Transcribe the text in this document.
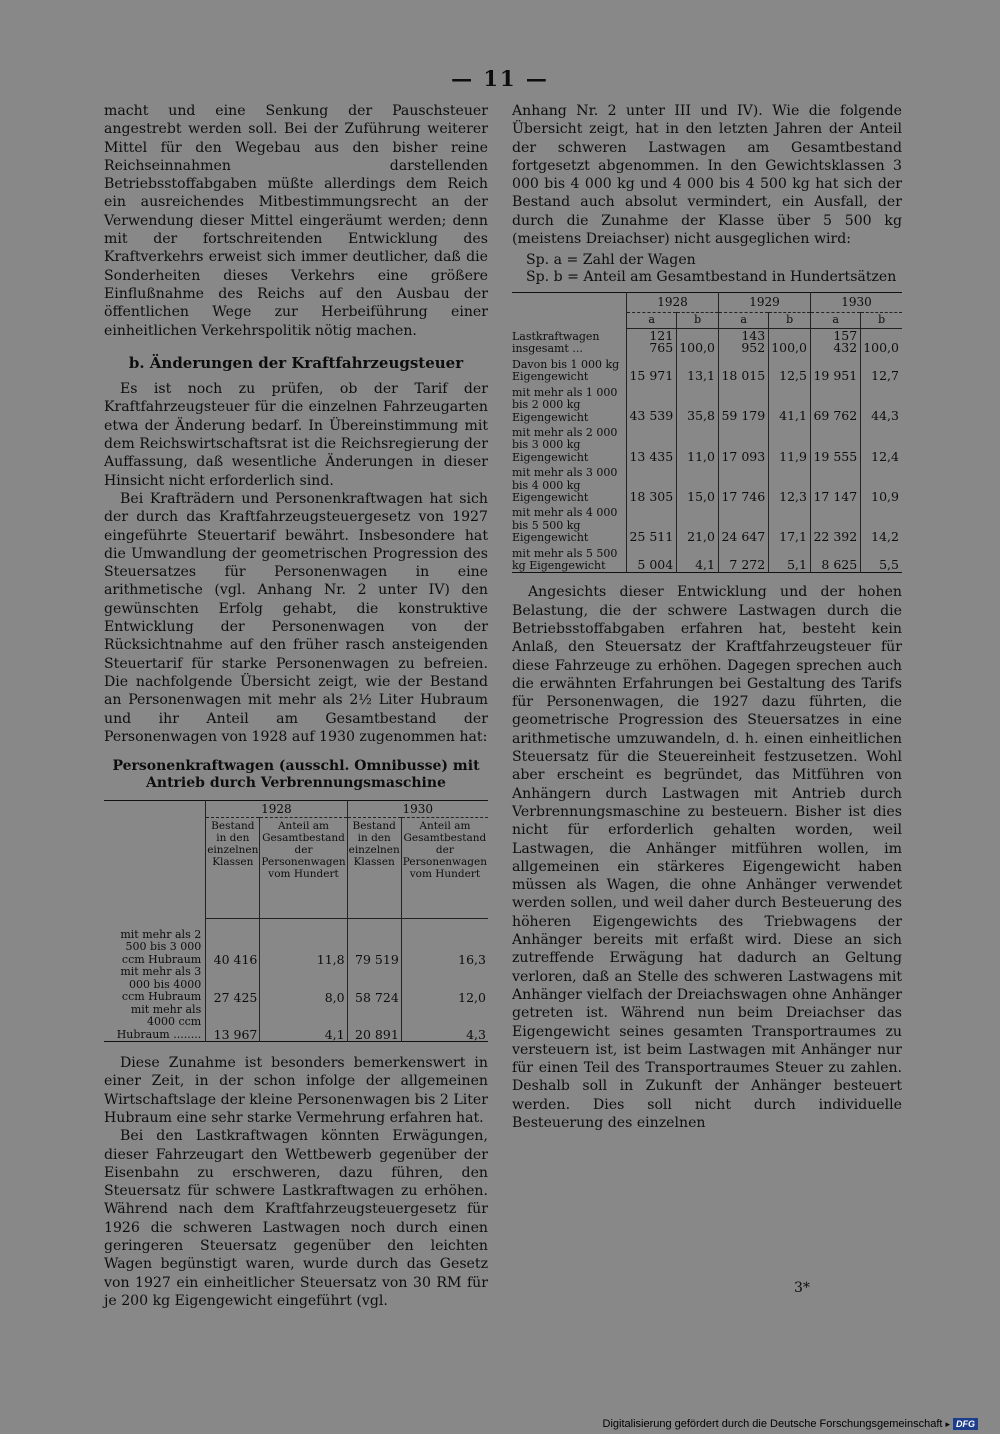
— 11 —

macht und eine Senkung der Pauschsteuer angestrebt werden soll. Bei der Zuführung weiterer Mittel für den Wegebau aus den bisher reine Reichseinnahmen darstellenden Betriebsstoffabgaben müßte allerdings dem Reich ein ausreichendes Mitbestimmungsrecht an der Verwendung dieser Mittel eingeräumt werden; denn mit der fortschreitenden Entwicklung des Kraftverkehrs erweist sich immer deutlicher, daß die Sonderheiten dieses Verkehrs eine größere Einflußnahme des Reichs auf den Ausbau der öffentlichen Wege zur Herbeiführung einer einheitlichen Verkehrspolitik nötig machen.

b. Änderungen der Kraftfahrzeugsteuer

Es ist noch zu prüfen, ob der Tarif der Kraftfahrzeugsteuer für die einzelnen Fahrzeugarten etwa der Änderung bedarf. In Übereinstimmung mit dem Reichswirtschaftsrat ist die Reichsregierung der Auffassung, daß wesentliche Änderungen in dieser Hinsicht nicht erforderlich sind.

Bei Krafträdern und Personenkraftwagen hat sich der durch das Kraftfahrzeugsteuergesetz von 1927 eingeführte Steuertarif bewährt. Insbesondere hat die Umwandlung der geometrischen Progression des Steuersatzes für Personenwagen in eine arithmetische (vgl. Anhang Nr. 2 unter IV) den gewünschten Erfolg gehabt, die konstruktive Entwicklung der Personenwagen von der Rücksichtnahme auf den früher rasch ansteigenden Steuertarif für starke Personenwagen zu befreien. Die nachfolgende Übersicht zeigt, wie der Bestand an Personenwagen mit mehr als 2½ Liter Hubraum und ihr Anteil am Gesamtbestand der Personenwagen von 1928 auf 1930 zugenommen hat:

Personenkraftwagen (ausschl. Omnibusse) mit Antrieb durch Verbrennungsmaschine
	1928		1930	
	Bestand in den einzelnen Klassen	Anteil am Gesamtbestand der Personenwagen vom Hundert	Bestand in den einzelnen Klassen	Anteil am Gesamtbestand der Personenwagen vom Hundert
mit mehr als 2 500 bis 3 000 ccm Hubraum	40 416	11,8	79 519	16,3
mit mehr als 3 000 bis 4000 ccm Hubraum	27 425	8,0	58 724	12,0
mit mehr als 4000 ccm Hubraum ........	13 967	4,1	20 891	4,3

Diese Zunahme ist besonders bemerkenswert in einer Zeit, in der schon infolge der allgemeinen Wirtschaftslage der kleine Personenwagen bis 2 Liter Hubraum eine sehr starke Vermehrung erfahren hat.

Bei den Lastkraftwagen könnten Erwägungen, dieser Fahrzeugart den Wettbewerb gegenüber der Eisenbahn zu erschweren, dazu führen, den Steuersatz für schwere Lastkraftwagen zu erhöhen. Während nach dem Kraftfahrzeugsteuergesetz für 1926 die schweren Lastwagen noch durch einen geringeren Steuersatz gegenüber den leichten Wagen begünstigt waren, wurde durch das Gesetz von 1927 ein einheitlicher Steuersatz von 30 RM für je 200 kg Eigengewicht eingeführt (vgl.

Anhang Nr. 2 unter III und IV). Wie die folgende Übersicht zeigt, hat in den letzten Jahren der Anteil der schweren Lastwagen am Gesamtbestand fortgesetzt abgenommen. In den Gewichtsklassen 3 000 bis 4 000 kg und 4 000 bis 4 500 kg hat sich der Bestand auch absolut vermindert, ein Ausfall, der durch die Zunahme der Klasse über 5 500 kg (meistens Dreiachser) nicht ausgeglichen wird:

Sp. a = Zahl der Wagen
Sp. b = Anteil am Gesamtbestand in Hundertsätzen
	1928		1929		1930	
	a	b	a	b	a	b
Lastkraftwagen insgesamt ...	121 765	100,0	143 952	100,0	157 432	100,0
Davon bis 1 000 kg Eigengewicht	15 971	13,1	18 015	12,5	19 951	12,7
mit mehr als 1 000 bis 2 000 kg Eigengewicht	43 539	35,8	59 179	41,1	69 762	44,3
mit mehr als 2 000 bis 3 000 kg Eigengewicht	13 435	11,0	17 093	11,9	19 555	12,4
mit mehr als 3 000 bis 4 000 kg Eigengewicht	18 305	15,0	17 746	12,3	17 147	10,9
mit mehr als 4 000 bis 5 500 kg Eigengewicht	25 511	21,0	24 647	17,1	22 392	14,2
mit mehr als 5 500 kg Eigengewicht	5 004	4,1	7 272	5,1	8 625	5,5

Angesichts dieser Entwicklung und der hohen Belastung, die der schwere Lastwagen durch die Betriebsstoffabgaben erfahren hat, besteht kein Anlaß, den Steuersatz der Kraftfahrzeugsteuer für diese Fahrzeuge zu erhöhen. Dagegen sprechen auch die erwähnten Erfahrungen bei Gestaltung des Tarifs für Personenwagen, die 1927 dazu führten, die geometrische Progression des Steuersatzes in eine arithmetische umzuwandeln, d. h. einen einheitlichen Steuersatz für die Steuereinheit festzusetzen. Wohl aber erscheint es begründet, das Mitführen von Anhängern durch Lastwagen mit Antrieb durch Verbrennungsmaschine zu besteuern. Bisher ist dies nicht für erforderlich gehalten worden, weil Lastwagen, die Anhänger mitführen wollen, im allgemeinen ein stärkeres Eigengewicht haben müssen als Wagen, die ohne Anhänger verwendet werden sollen, und weil daher durch Besteuerung des höheren Eigengewichts des Triebwagens der Anhänger bereits mit erfaßt wird. Diese an sich zutreffende Erwägung hat dadurch an Geltung verloren, daß an Stelle des schweren Lastwagens mit Anhänger vielfach der Dreiachswagen ohne Anhänger getreten ist. Während nun beim Dreiachser das Eigengewicht seines gesamten Transportraumes zu versteuern ist, ist beim Lastwagen mit Anhänger nur für einen Teil des Transportraumes Steuer zu zahlen. Deshalb soll in Zukunft der Anhänger besteuert werden. Dies soll nicht durch individuelle Besteuerung des einzelnen

3*
Digitalisierung gefördert durch die Deutsche Forschungsgemeinschaft ▸ DFG
